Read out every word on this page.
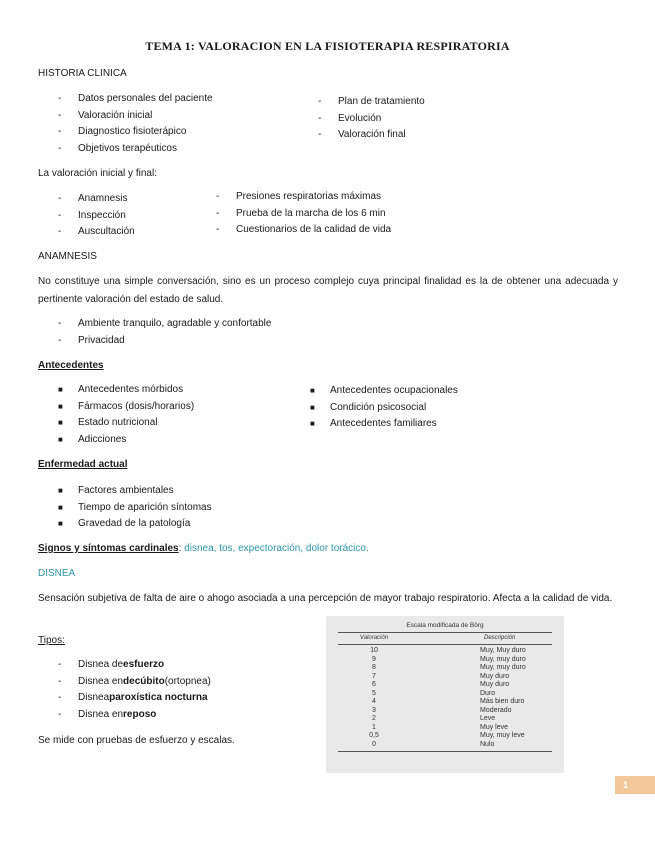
TEMA 1: VALORACION EN LA FISIOTERAPIA RESPIRATORIA
HISTORIA CLINICA
-	Datos personales del paciente
-	Valoración inicial
-	Diagnostico fisioterápico
-	Objetivos terapéuticos
-	Plan de tratamiento
-	Evolución
-	Valoración final
La valoración inicial y final:
-	Anamnesis
-	Inspección
-	Auscultación
-	Presiones respiratorias máximas
-	Prueba de la marcha de los 6 min
-	Cuestionarios de la calidad de vida
ANAMNESIS
No constituye una simple conversación, sino es un proceso complejo cuya principal finalidad es la de obtener una adecuada y pertinente valoración del estado de salud.
-	Ambiente tranquilo, agradable y confortable
-	Privacidad
Antecedentes
■	Antecedentes mórbidos
■	Fármacos (dosis/horarios)
■	Estado nutricional
■	Adicciones
■	Antecedentes ocupacionales
■	Condición psicosocial
■	Antecedentes familiares
Enfermedad actual
■	Factores ambientales
■	Tiempo de aparición síntomas
■	Gravedad de la patología
Signos y síntomas cardinales: disnea, tos, expectoración, dolor torácico.
DISNEA
Sensación subjetiva de falta de aire o ahogo asociada a una percepción de mayor trabajo respiratorio. Afecta a la calidad de vida.
Tipos:
-	Disnea de esfuerzo
-	Disnea en decúbito (ortopnea)
-	Disnea paroxística nocturna
-	Disnea en reposo
Se mide con pruebas de esfuerzo y escalas.
Escala modificada de Börg
Valoración	Descripción
10	Muy, Muy duro
9	Muy, muy duro
8	Muy, muy duro
7	Muy duro
6	Muy duro
5	Duro
4	Más bien duro
3	Moderado
2	Leve
1	Muy leve
0,5	Muy, muy leve
0	Nulo
1
